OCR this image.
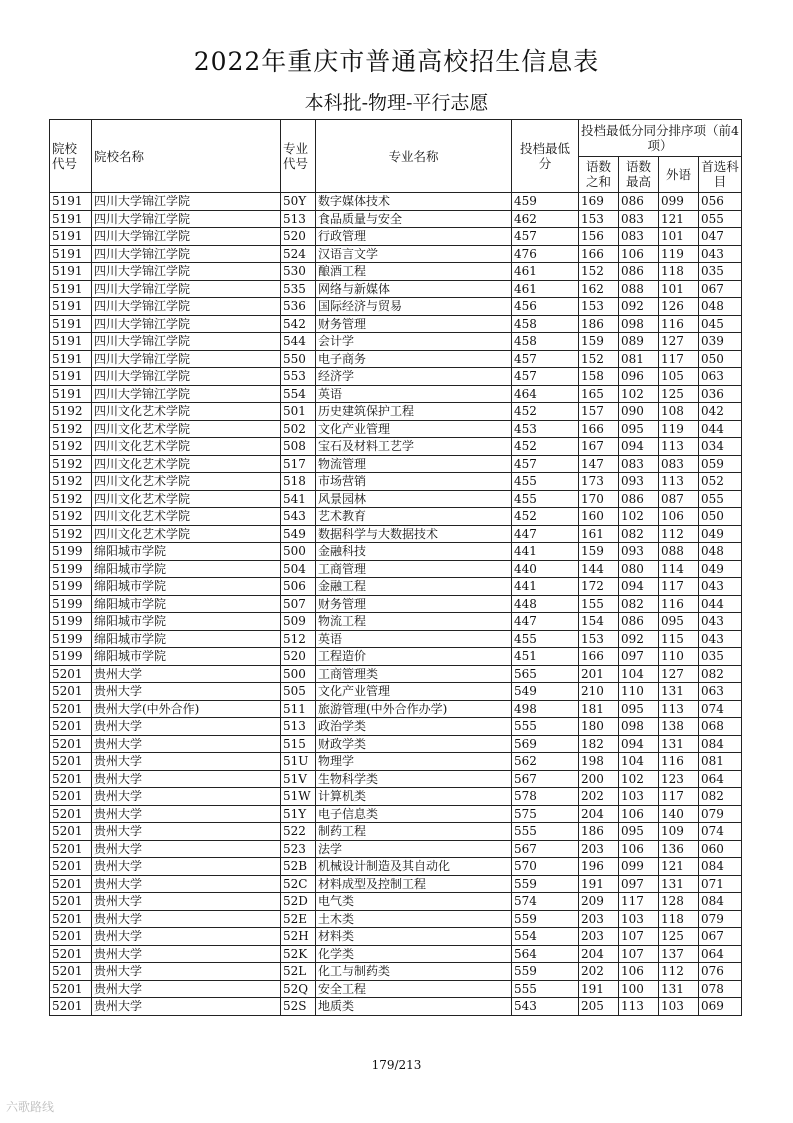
2022年重庆市普通高校招生信息表
本科批-物理-平行志愿
院校代号	院校名称	专业代号	专业名称	投档最低分	投档最低分同分排序项（前4项）			
					语数之和	语数最高	外语	首选科目
5191	四川大学锦江学院	50Y	数字媒体技术	459	169	086	099	056
5191	四川大学锦江学院	513	食品质量与安全	462	153	083	121	055
5191	四川大学锦江学院	520	行政管理	457	156	083	101	047
5191	四川大学锦江学院	524	汉语言文学	476	166	106	119	043
5191	四川大学锦江学院	530	酿酒工程	461	152	086	118	035
5191	四川大学锦江学院	535	网络与新媒体	461	162	088	101	067
5191	四川大学锦江学院	536	国际经济与贸易	456	153	092	126	048
5191	四川大学锦江学院	542	财务管理	458	186	098	116	045
5191	四川大学锦江学院	544	会计学	458	159	089	127	039
5191	四川大学锦江学院	550	电子商务	457	152	081	117	050
5191	四川大学锦江学院	553	经济学	457	158	096	105	063
5191	四川大学锦江学院	554	英语	464	165	102	125	036
5192	四川文化艺术学院	501	历史建筑保护工程	452	157	090	108	042
5192	四川文化艺术学院	502	文化产业管理	453	166	095	119	044
5192	四川文化艺术学院	508	宝石及材料工艺学	452	167	094	113	034
5192	四川文化艺术学院	517	物流管理	457	147	083	083	059
5192	四川文化艺术学院	518	市场营销	455	173	093	113	052
5192	四川文化艺术学院	541	风景园林	455	170	086	087	055
5192	四川文化艺术学院	543	艺术教育	452	160	102	106	050
5192	四川文化艺术学院	549	数据科学与大数据技术	447	161	082	112	049
5199	绵阳城市学院	500	金融科技	441	159	093	088	048
5199	绵阳城市学院	504	工商管理	440	144	080	114	049
5199	绵阳城市学院	506	金融工程	441	172	094	117	043
5199	绵阳城市学院	507	财务管理	448	155	082	116	044
5199	绵阳城市学院	509	物流工程	447	154	086	095	043
5199	绵阳城市学院	512	英语	455	153	092	115	043
5199	绵阳城市学院	520	工程造价	451	166	097	110	035
5201	贵州大学	500	工商管理类	565	201	104	127	082
5201	贵州大学	505	文化产业管理	549	210	110	131	063
5201	贵州大学(中外合作)	511	旅游管理(中外合作办学)	498	181	095	113	074
5201	贵州大学	513	政治学类	555	180	098	138	068
5201	贵州大学	515	财政学类	569	182	094	131	084
5201	贵州大学	51U	物理学	562	198	104	116	081
5201	贵州大学	51V	生物科学类	567	200	102	123	064
5201	贵州大学	51W	计算机类	578	202	103	117	082
5201	贵州大学	51Y	电子信息类	575	204	106	140	079
5201	贵州大学	522	制药工程	555	186	095	109	074
5201	贵州大学	523	法学	567	203	106	136	060
5201	贵州大学	52B	机械设计制造及其自动化	570	196	099	121	084
5201	贵州大学	52C	材料成型及控制工程	559	191	097	131	071
5201	贵州大学	52D	电气类	574	209	117	128	084
5201	贵州大学	52E	土木类	559	203	103	118	079
5201	贵州大学	52H	材料类	554	203	107	125	067
5201	贵州大学	52K	化学类	564	204	107	137	064
5201	贵州大学	52L	化工与制药类	559	202	106	112	076
5201	贵州大学	52Q	安全工程	555	191	100	131	078
5201	贵州大学	52S	地质类	543	205	113	103	069
179/213
六歌路线
